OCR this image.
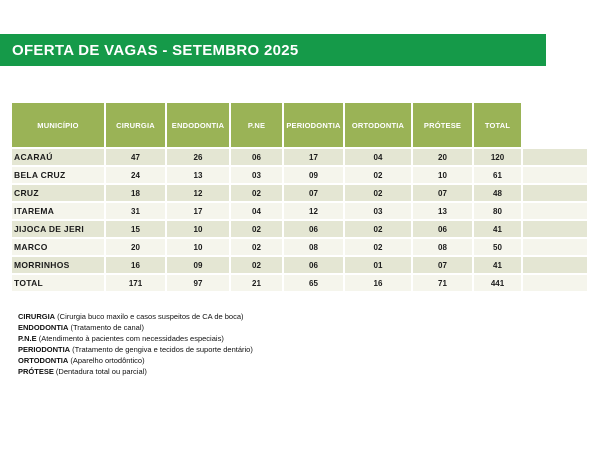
OFERTA DE VAGAS - SETEMBRO 2025
MUNICÍPIO	CIRURGIA	ENDODONTIA	P.NE	PERIODONTIA	ORTODONTIA	PRÓTESE	TOTAL	
ACARAÚ	47	26	06	17	04	20	120	
BELA CRUZ	24	13	03	09	02	10	61	
CRUZ	18	12	02	07	02	07	48	
ITAREMA	31	17	04	12	03	13	80	
JIJOCA DE JERI	15	10	02	06	02	06	41	
MARCO	20	10	02	08	02	08	50	
MORRINHOS	16	09	02	06	01	07	41	
TOTAL	171	97	21	65	16	71	441	
CIRURGIA (Cirurgia buco maxilo e casos suspeitos de CA de boca)
ENDODONTIA (Tratamento de canal)
P.N.E (Atendimento à pacientes com necessidades especiais)
PERIODONTIA (Tratamento de gengiva e tecidos de suporte dentário)
ORTODONTIA (Aparelho ortodôntico)
PRÓTESE (Dentadura total ou parcial)
